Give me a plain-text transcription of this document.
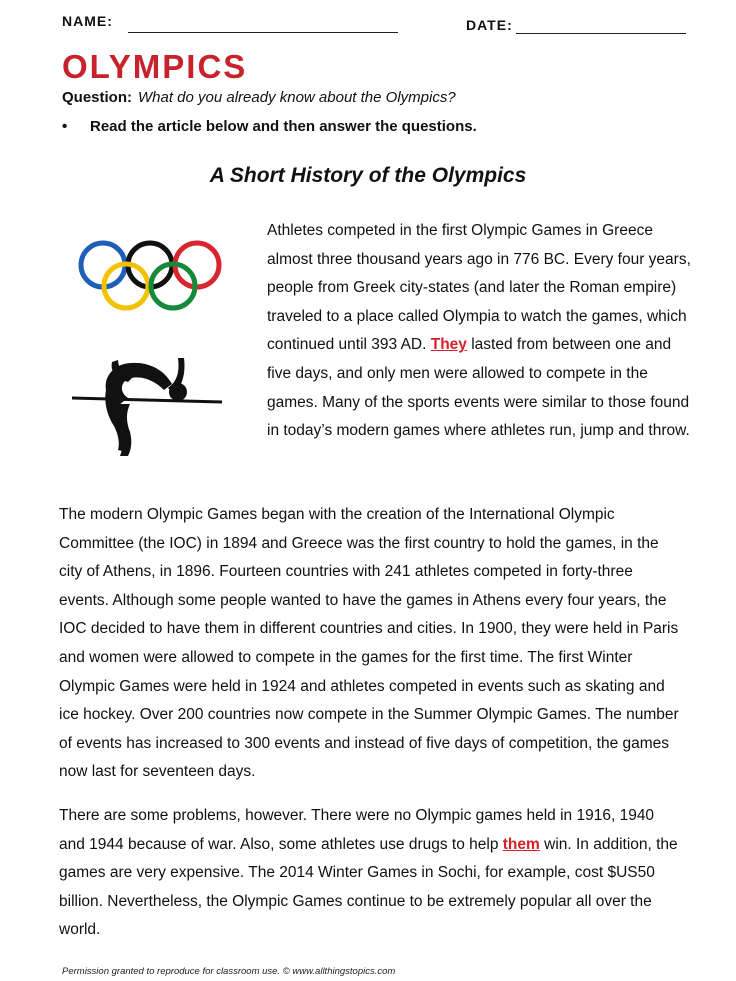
NAME:	DATE:
OLYMPICS
Question: What do you already know about the Olympics?
• Read the article below and then answer the questions.
A Short History of the Olympics

Athletes competed in the first Olympic Games in Greece almost three thousand years ago in 776 BC. Every four years, people from Greek city-states (and later the Roman empire) traveled to a place called Olympia to watch the games, which continued until 393 AD. They lasted from between one and five days, and only men were allowed to compete in the games. Many of the sports events were similar to those found in today’s modern games where athletes run, jump and throw.

The modern Olympic Games began with the creation of the International Olympic Committee (the IOC) in 1894 and Greece was the first country to hold the games, in the city of Athens, in 1896. Fourteen countries with 241 athletes competed in forty-three events. Although some people wanted to have the games in Athens every four years, the IOC decided to have them in different countries and cities. In 1900, they were held in Paris and women were allowed to compete in the games for the first time. The first Winter Olympic Games were held in 1924 and athletes competed in events such as skating and ice hockey. Over 200 countries now compete in the Summer Olympic Games. The number of events has increased to 300 events and instead of five days of competition, the games now last for seventeen days.

There are some problems, however. There were no Olympic games held in 1916, 1940 and 1944 because of war. Also, some athletes use drugs to help them win. In addition, the games are very expensive. The 2014 Winter Games in Sochi, for example, cost $US50 billion. Nevertheless, the Olympic Games continue to be extremely popular all over the world.

Permission granted to reproduce for classroom use. © www.allthingstopics.com
